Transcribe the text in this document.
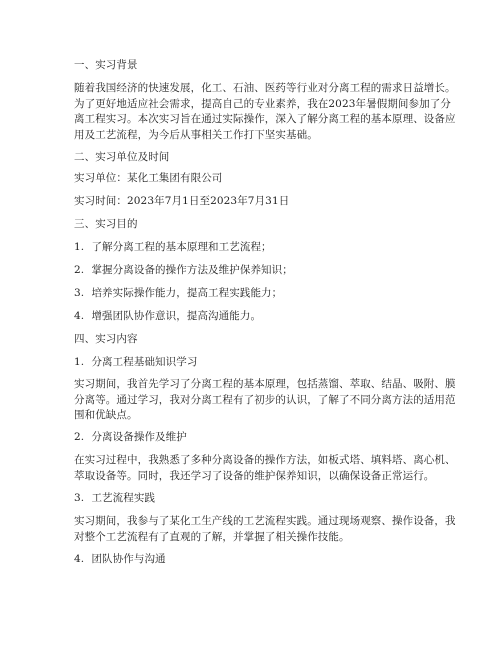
一、实习背景
随着我国经济的快速发展，化工、石油、医药等行业对分离工程的需求日益增长。
为了更好地适应社会需求，提高自己的专业素养，我在2023年暑假期间参加了分
离工程实习。本次实习旨在通过实际操作，深入了解分离工程的基本原理、设备应
用及工艺流程，为今后从事相关工作打下坚实基础。
二、实习单位及时间
实习单位：某化工集团有限公司
实习时间：2023年7月1日至2023年7月31日
三、实习目的
1. 了解分离工程的基本原理和工艺流程；
2. 掌握分离设备的操作方法及维护保养知识；
3. 培养实际操作能力，提高工程实践能力；
4. 增强团队协作意识，提高沟通能力。
四、实习内容
1. 分离工程基础知识学习
实习期间，我首先学习了分离工程的基本原理，包括蒸馏、萃取、结晶、吸附、膜
分离等。通过学习，我对分离工程有了初步的认识，了解了不同分离方法的适用范
围和优缺点。
2. 分离设备操作及维护
在实习过程中，我熟悉了多种分离设备的操作方法，如板式塔、填料塔、离心机、
萃取设备等。同时，我还学习了设备的维护保养知识，以确保设备正常运行。
3. 工艺流程实践
实习期间，我参与了某化工生产线的工艺流程实践。通过现场观察、操作设备，我
对整个工艺流程有了直观的了解，并掌握了相关操作技能。
4. 团队协作与沟通
